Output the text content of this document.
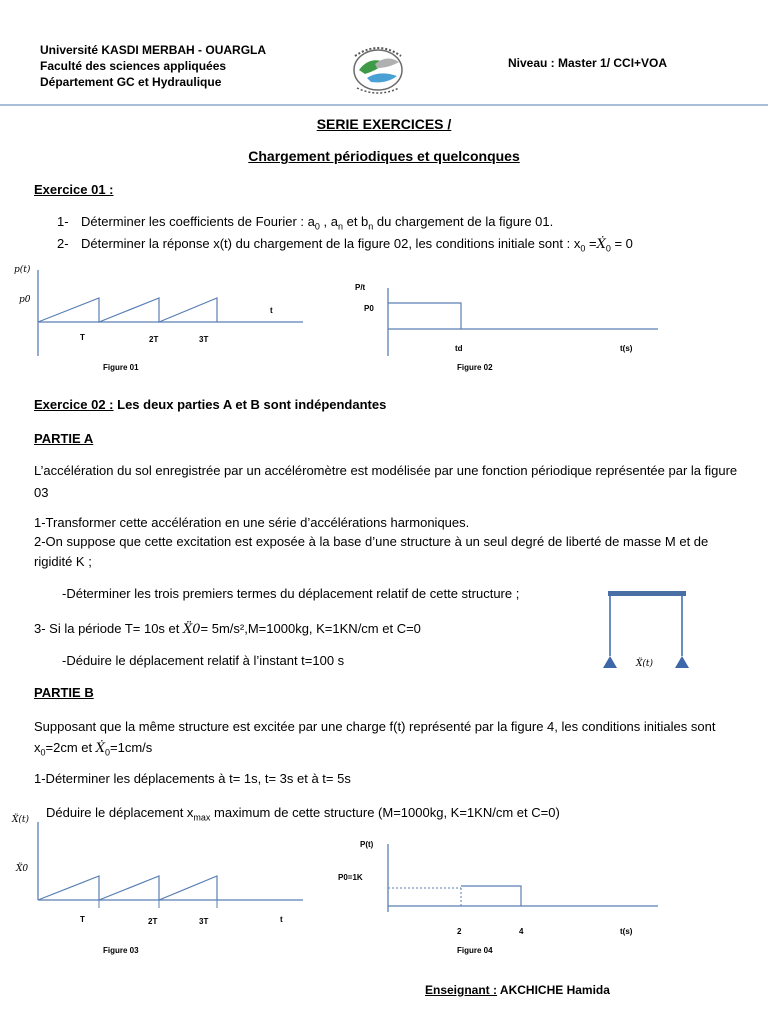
Université KASDI MERBAH - OUARGLA
Faculté des sciences appliquées
Département GC et Hydraulique
Niveau : Master 1/ CCI+VOA
SERIE EXERCICES /
Chargement périodiques et quelconques
Exercice 01 :
1- Déterminer les coefficients de Fourier : $a_0$ , $a_n$ et $b_n$ du chargement de la figure 01.
2- Déterminer la réponse x(t) du chargement de la figure 02, les conditions initiale sont : $x_0$ =Ẋ$_0$ = 0
p(t)
p0
t
T	2T	3T
Figure 01
P/t
P0
td	t(s)
Figure 02
Exercice 02 : Les deux parties A et B sont indépendantes
PARTIE A
L’accélération du sol enregistrée par un accéléromètre est modélisée par une fonction périodique représentée par la figure 03
1-Transformer cette accélération en une série d’accélérations harmoniques.
2-On suppose que cette excitation est exposée à la base d’une structure à un seul degré de liberté de masse M et de rigidité K ;
-Déterminer les trois premiers termes du déplacement relatif de cette structure ;
3- Si la période T= 10s et Ẍ0= 5m/s²,M=1000kg, K=1KN/cm et C=0
-Déduire le déplacement relatif à l’instant t=100 s	Ẍ(t)
PARTIE B
Supposant que la même structure est excitée par une charge f(t) représenté par la figure 4, les conditions initiales sont $x_0=2cm$ et Ẋ$_0$=1cm/s
1-Déterminer les déplacements à t= 1s, t= 3s et à t= 5s
Déduire le déplacement $x_{max}$ maximum de cette structure (M=1000kg, K=1KN/cm et C=0)
Ẍ(t)
Ẍ0
t
T	2T	3T
Figure 03
P(t)
P0=1K
2	4	t(s)
Figure 04
Enseignant : AKCHICHE Hamida
